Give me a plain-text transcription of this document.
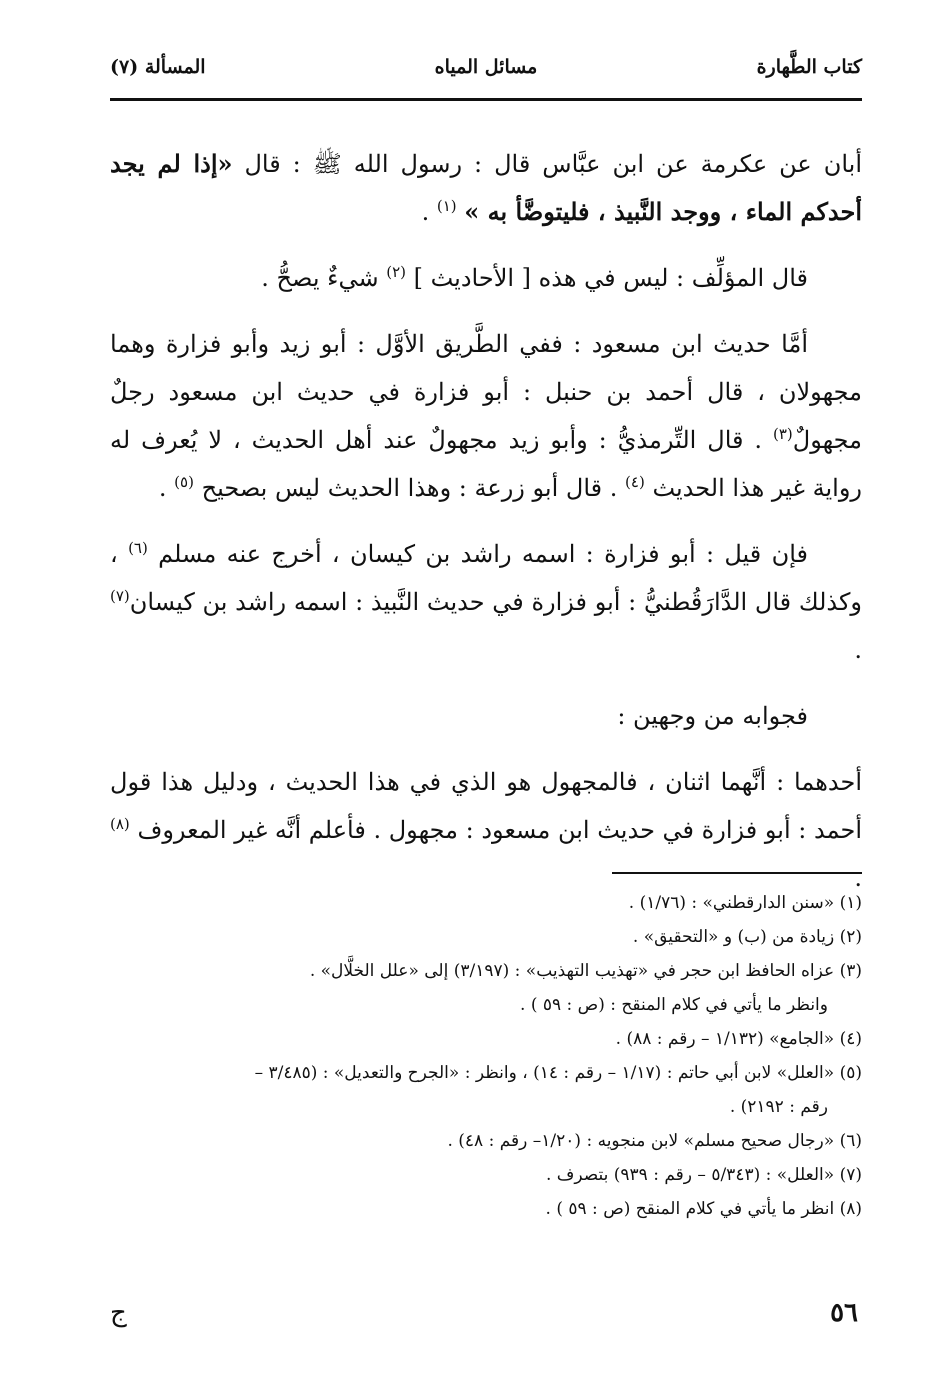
كتاب الطَّهارة
مسائل المياه
المسألة (٧)

أبان عن عكرمة عن ابن عبَّاس قال : رسول الله ﷺ : قال «إذا لم يجد أحدكم الماء ، ووجد النَّبيذ ، فليتوضَّأ به » $^{(١)}$ .

قال المؤلِّف : ليس في هذه [ الأحاديث ] $^{(٢)}$ شيءٌ يصحُّ .

أمَّا حديث ابن مسعود : ففي الطَّريق الأوَّل : أبو زيد وأبو فزارة وهما مجهولان ، قال أحمد بن حنبل : أبو فزارة في حديث ابن مسعود رجلٌ مجهولٌ$^{(٣)}$ . قال التِّرمذيُّ : وأبو زيد مجهولٌ عند أهل الحديث ، لا يُعرف له رواية غير هذا الحديث $^{(٤)}$ . قال أبو زرعة : وهذا الحديث ليس بصحيح $^{(٥)}$ .

فإن قيل : أبو فزارة : اسمه راشد بن كيسان ، أخرج عنه مسلم $^{(٦)}$ ، وكذلك قال الدَّارَقُطنيُّ : أبو فزارة في حديث النَّبيذ : اسمه راشد بن كيسان$^{(٧)}$ .

فجوابه من وجهين :

أحدهما : أنَّهما اثنان ، فالمجهول هو الذي في هذا الحديث ، ودليل هذا قول أحمد : أبو فزارة في حديث ابن مسعود : مجهول . فأعلم أنَّه غير المعروف $^{(٨)}$ .

(١) «سنن الدارقطني» : (١/٧٦) .

(٢) زيادة من (ب) و «التحقيق» .

(٣) عزاه الحافظ ابن حجر في «تهذيب التهذيب» : (٣/١٩٧) إلى «علل الخلَّال» .

وانظر ما يأتي في كلام المنقح : (ص : ٥٩ ) .

(٤) «الجامع» (١/١٣٢ – رقم : ٨٨) .

(٥) «العلل» لابن أبي حاتم : (١/١٧ – رقم : ١٤) ، وانظر : «الجرح والتعديل» : (٣/٤٨٥ –

رقم : ٢١٩٢) .

(٦) «رجال صحيح مسلم» لابن منجويه : (١/٢٠– رقم : ٤٨) .

(٧) «العلل» : (٥/٣٤٣ – رقم : ٩٣٩) بتصرف .

(٨) انظر ما يأتي في كلام المنقح (ص : ٥٩ ) .

٥٦
ج
